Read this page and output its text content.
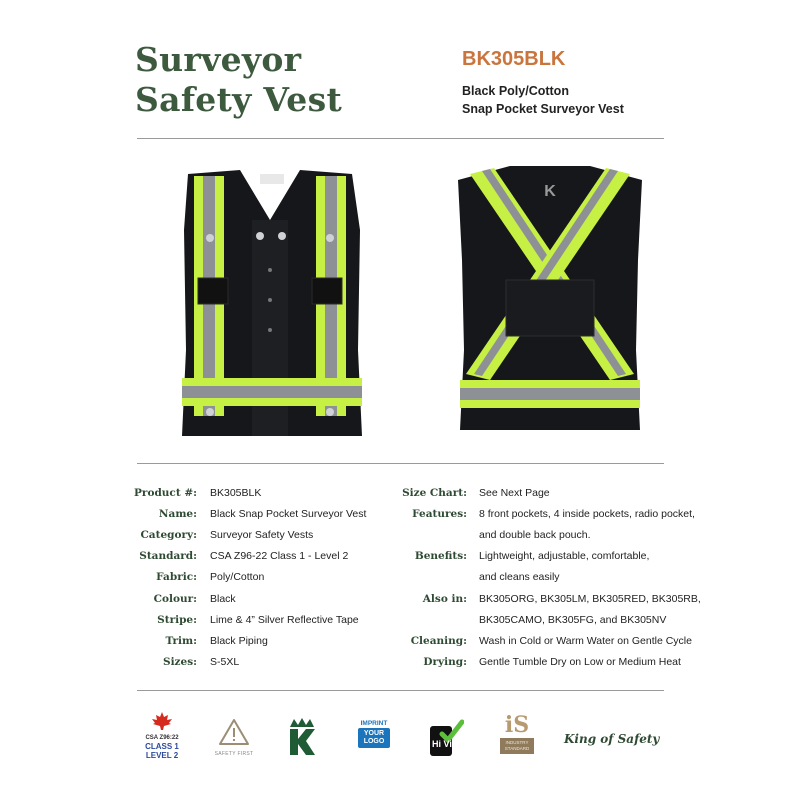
Surveyor
Safety Vest
BK305BLK
Black Poly/Cotton
Snap Pocket Surveyor Vest
K
Product #: BK305BLK
Name: Black Snap Pocket Surveyor Vest
Category: Surveyor Safety Vests
Standard: CSA Z96-22 Class 1 - Level 2
Fabric: Poly/Cotton
Colour: Black
Stripe: Lime & 4” Silver Reflective Tape
Trim: Black Piping
Sizes: S-5XL
Size Chart: See Next Page
Features: 8 front pockets, 4 inside pockets, radio pocket,
and double back pouch.
Benefits: Lightweight, adjustable, comfortable,
and cleans easily
Also in: BK305ORG, BK305LM, BK305RED, BK305RB,
BK305CAMO, BK305FG, and BK305NV
Cleaning: Wash in Cold or Warm Water on Gentle Cycle
Drying: Gentle Tumble Dry on Low or Medium Heat
CSA Z96:22
CLASS 1
LEVEL 2	SAFETY FIRST
IMPRINT
YOUR
LOGO	Hi Vis
iS
INDUSTRY STANDARD
King of Safety
